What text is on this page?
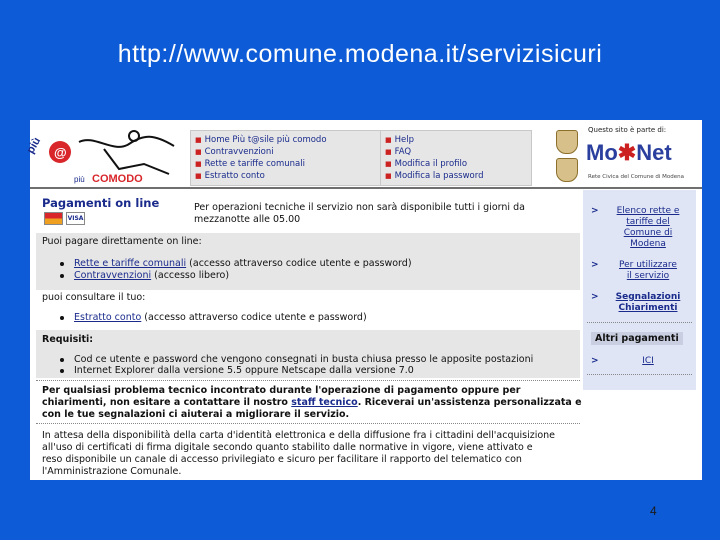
http://www.comune.modena.it/servizisicuri
più @
COMODO
più
■ Home Più t@sile più comodo
■ Contravvenzioni
■ Rette e tariffe comunali
■ Estratto conto
■ Help
■ FAQ
■ Modifica il profilo
■ Modifica la password
Questo sito è parte di:
Mo✱Net
Rete Civica del Comune di Modena
Pagamenti on line
VISA
Per operazioni tecniche il servizio non sarà disponibile tutti i giorni da mezzanotte alle 05.00
Puoi pagare direttamente on line:
Rette e tariffe comunali (accesso attraverso codice utente e password)
Contravvenzioni (accesso libero)
puoi consultare il tuo:
Estratto conto (accesso attraverso codice utente e password)
Requisiti:
Cod ce utente e password che vengono consegnati in busta chiusa presso le apposite postazioni
Internet Explorer dalla versione 5.5 oppure Netscape dalla versione 7.0
Per qualsiasi problema tecnico incontrato durante l'operazione di pagamento oppure per
chiarimenti, non esitare a contattare il nostro staff tecnico. Riceverai un'assistenza personalizzata e
con le tue segnalazioni ci aiuterai a migliorare il servizio.
In attesa della disponibilità della carta d'identità elettronica e della diffusione fra i cittadini dell'acquisizione
all'uso di certificati di firma digitale secondo quanto stabilito dalle normative in vigore, viene attivato e
reso disponibile un canale di accesso privilegiato e sicuro per facilitare il rapporto del telematico con
l'Amministrazione Comunale.
>	Elenco rette e
tariffe del
Comune di
Modena
>	Per utilizzare
il servizio
> Segnalazioni
Chiarimenti
>	ICI
Altri pagamenti
4
